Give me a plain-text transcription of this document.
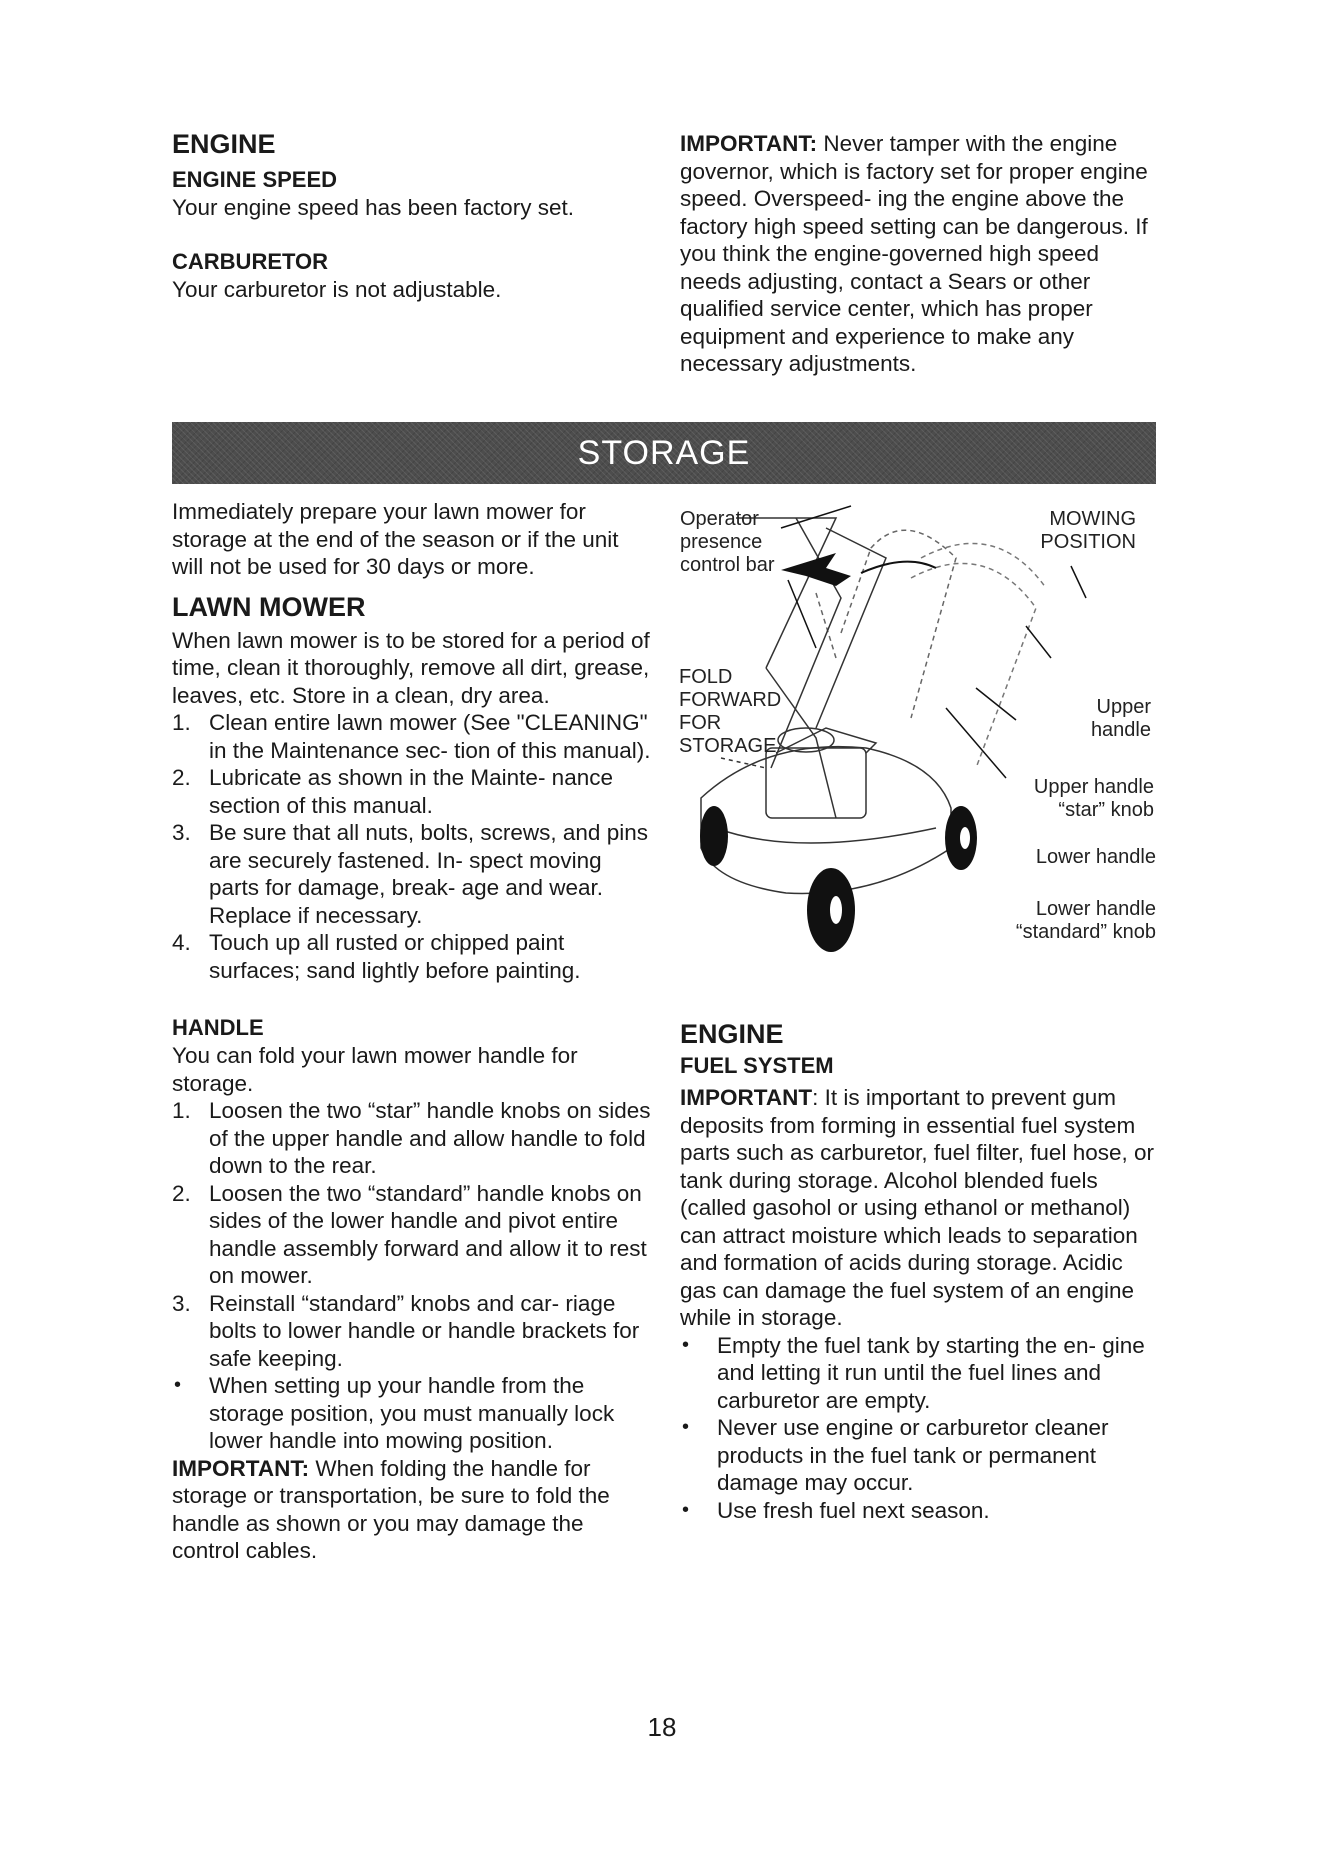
ENGINE
ENGINE SPEED

Your engine speed has been factory set.

CARBURETOR

Your carburetor is not adjustable.

IMPORTANT: Never tamper with the engine governor, which is factory set for proper engine speed. Overspeed- ing the engine above the factory high speed setting can be dangerous. If you think the engine-governed high speed needs adjusting, contact a Sears or other qualified service center, which has proper equipment and experience to make any necessary adjustments.

STORAGE

Immediately prepare your lawn mower for storage at the end of the season or if the unit will not be used for 30 days or more.

LAWN MOWER

When lawn mower is to be stored for a period of time, clean it thoroughly, remove all dirt, grease, leaves, etc. Store in a clean, dry area.

1. Clean entire lawn mower (See "CLEANING" in the Maintenance sec- tion of this manual).
2. Lubricate as shown in the Mainte- nance section of this manual.
3. Be sure that all nuts, bolts, screws, and pins are securely fastened. In- spect moving parts for damage, break- age and wear. Replace if necessary.
4. Touch up all rusted or chipped paint surfaces; sand lightly before painting.
HANDLE

You can fold your lawn mower handle for storage.

1. Loosen the two “star” handle knobs on sides of the upper handle and allow handle to fold down to the rear.
2. Loosen the two “standard” handle knobs on sides of the lower handle and pivot entire handle assembly forward and allow it to rest on mower.
3. Reinstall “standard” knobs and car- riage bolts to lower handle or handle brackets for safe keeping.
• When setting up your handle from the storage position, you must manually lock lower handle into mowing position.

IMPORTANT: When folding the handle for storage or transportation, be sure to fold the handle as shown or you may damage the control cables.

Operator presence control bar
MOWING POSITION
FOLD FORWARD FOR STORAGE
Upper handle
Upper handle “star” knob
Lower handle
Lower handle “standard” knob
ENGINE
FUEL SYSTEM

IMPORTANT: It is important to prevent gum deposits from forming in essential fuel system parts such as carburetor, fuel filter, fuel hose, or tank during storage. Alcohol blended fuels (called gasohol or using ethanol or methanol) can attract moisture which leads to separation and formation of acids during storage. Acidic gas can damage the fuel system of an engine while in storage.

• Empty the fuel tank by starting the en- gine and letting it run until the fuel lines and carburetor are empty.
• Never use engine or carburetor cleaner products in the fuel tank or permanent damage may occur.
• Use fresh fuel next season.
18
